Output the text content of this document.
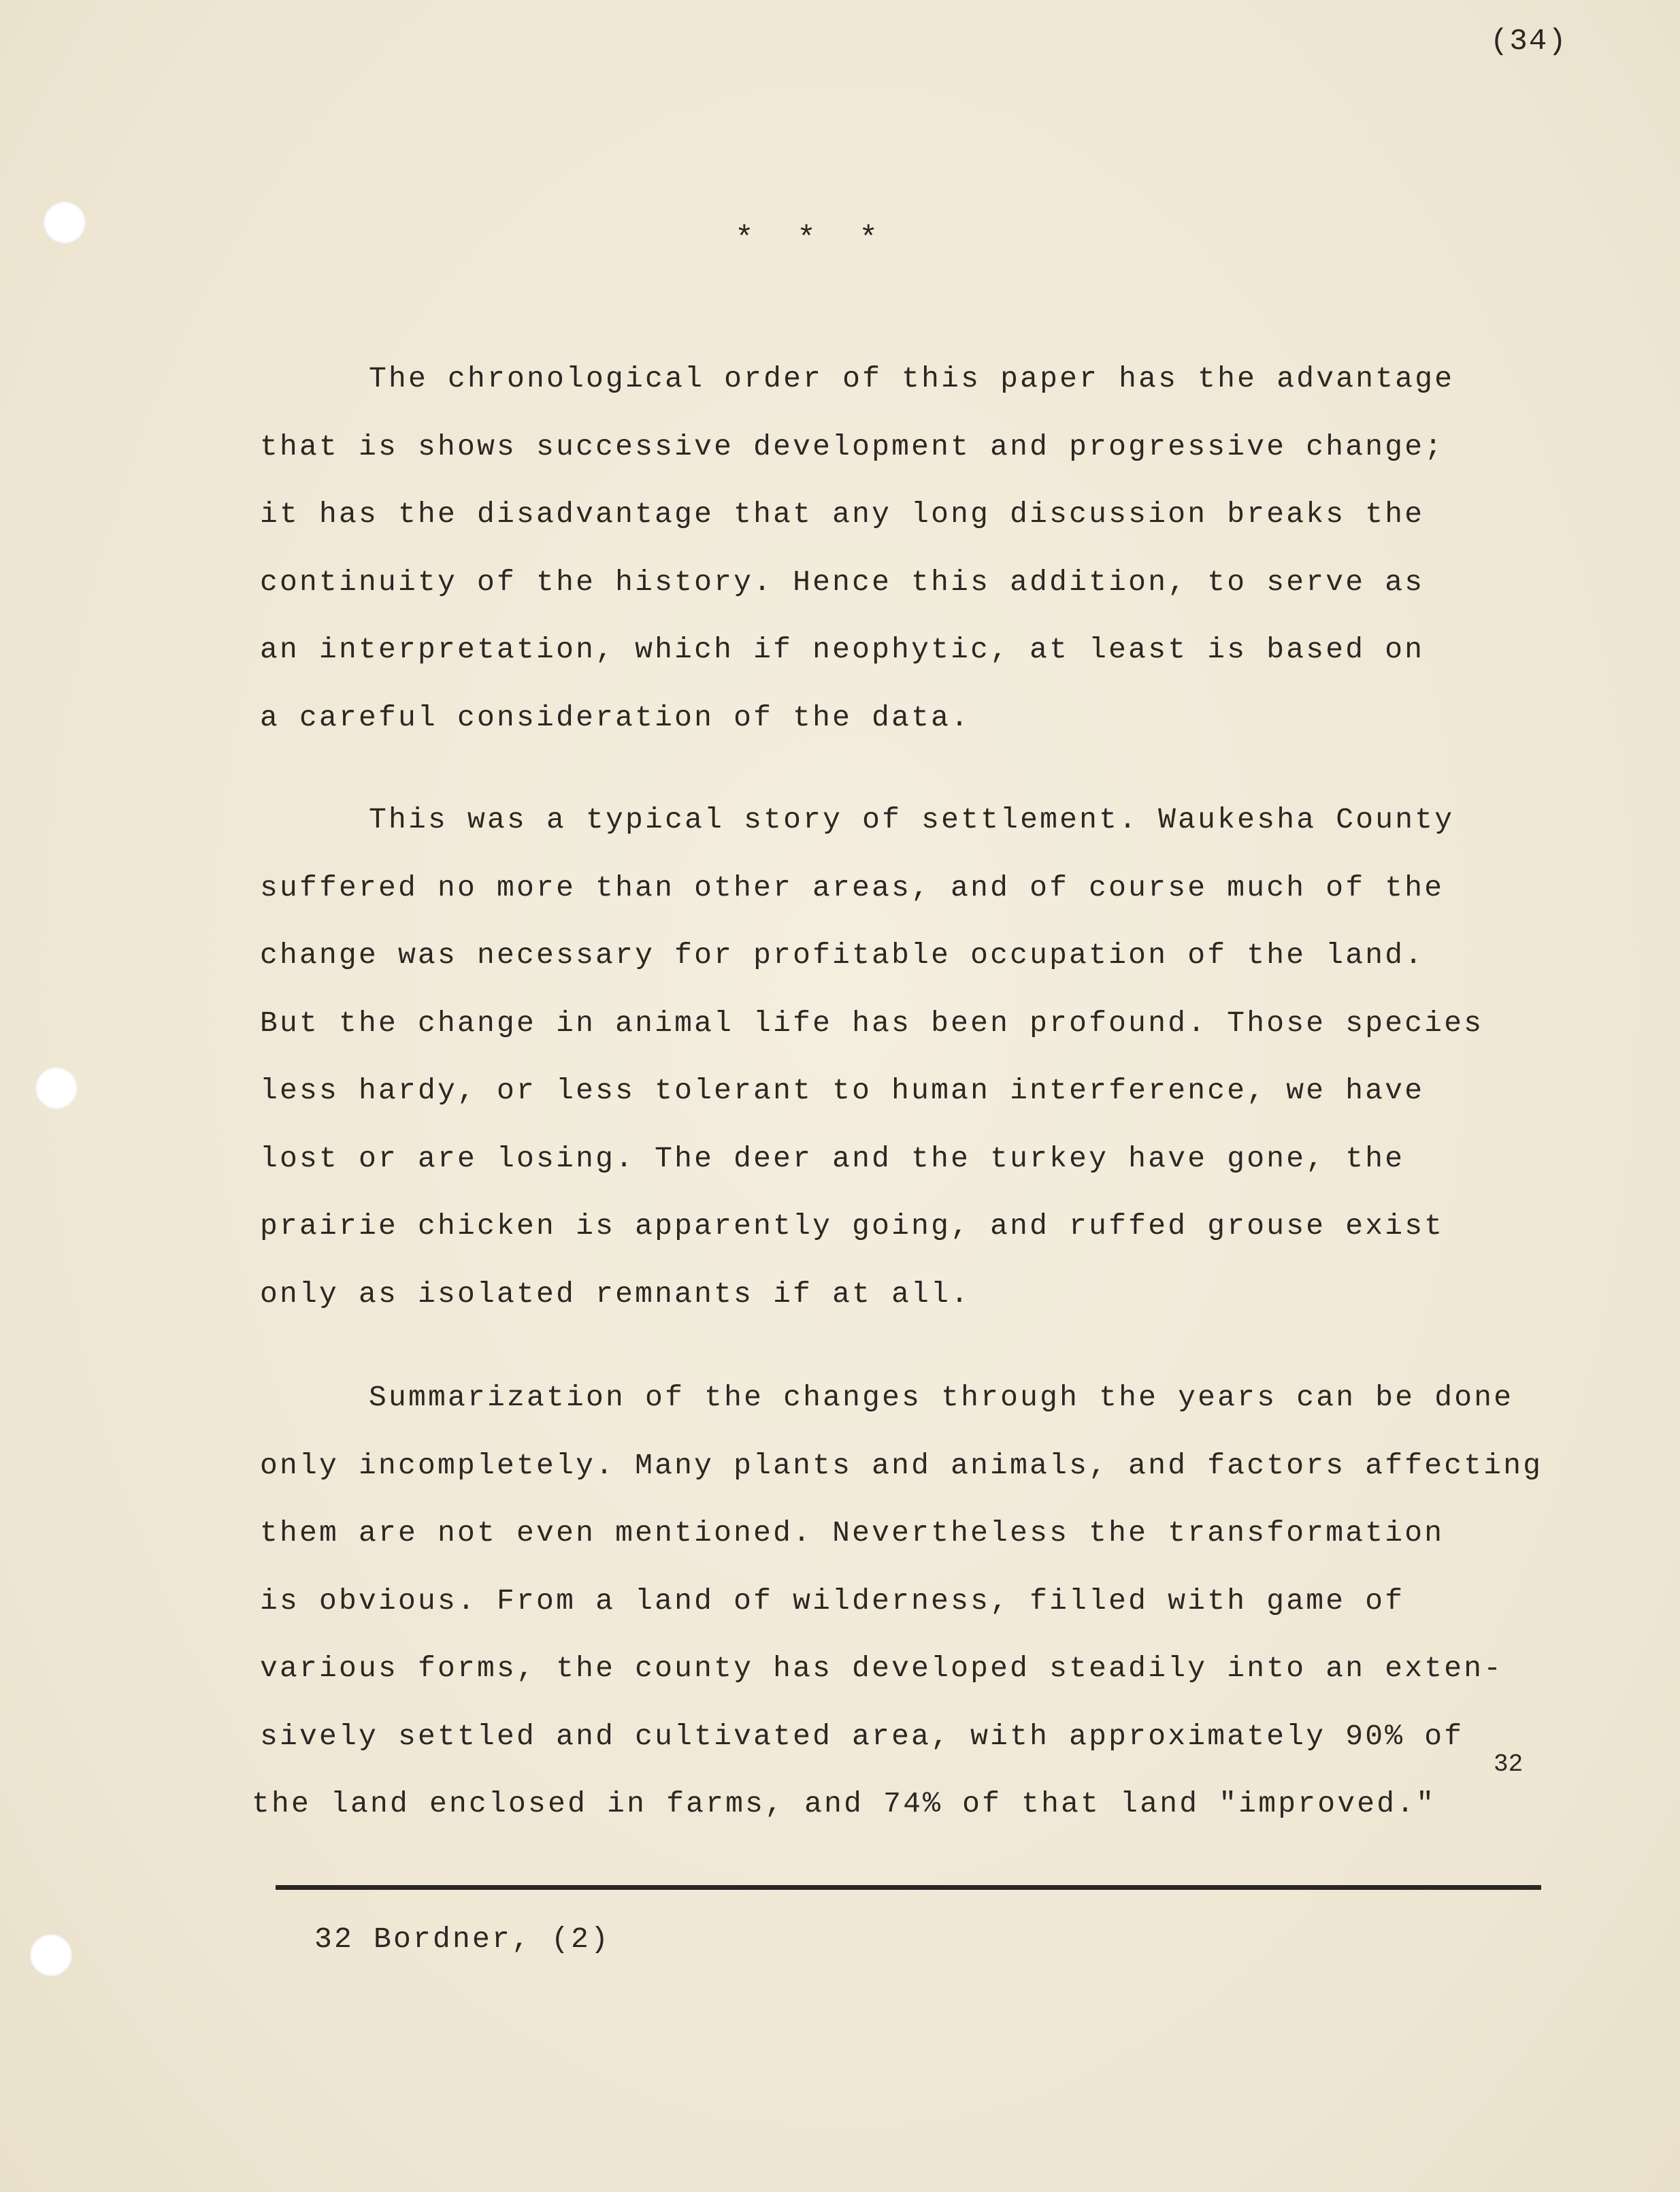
(34)
* * *
The chronological order of this paper has the advantage
that is shows successive development and progressive change;
it has the disadvantage that any long discussion breaks the
continuity of the history. Hence this addition, to serve as
an interpretation, which if neophytic, at least is based on
a careful consideration of the data.
This was a typical story of settlement. Waukesha County
suffered no more than other areas, and of course much of the
change was necessary for profitable occupation of the land.
But the change in animal life has been profound. Those species
less hardy, or less tolerant to human interference, we have
lost or are losing. The deer and the turkey have gone, the
prairie chicken is apparently going, and ruffed grouse exist
only as isolated remnants if at all.
Summarization of the changes through the years can be done
only incompletely. Many plants and animals, and factors affecting
them are not even mentioned. Nevertheless the transformation
is obvious. From a land of wilderness, filled with game of
various forms, the county has developed steadily into an exten-
sively settled and cultivated area, with approximately 90% of
the land enclosed in farms, and 74% of that land "improved."
32
32 Bordner, (2)
